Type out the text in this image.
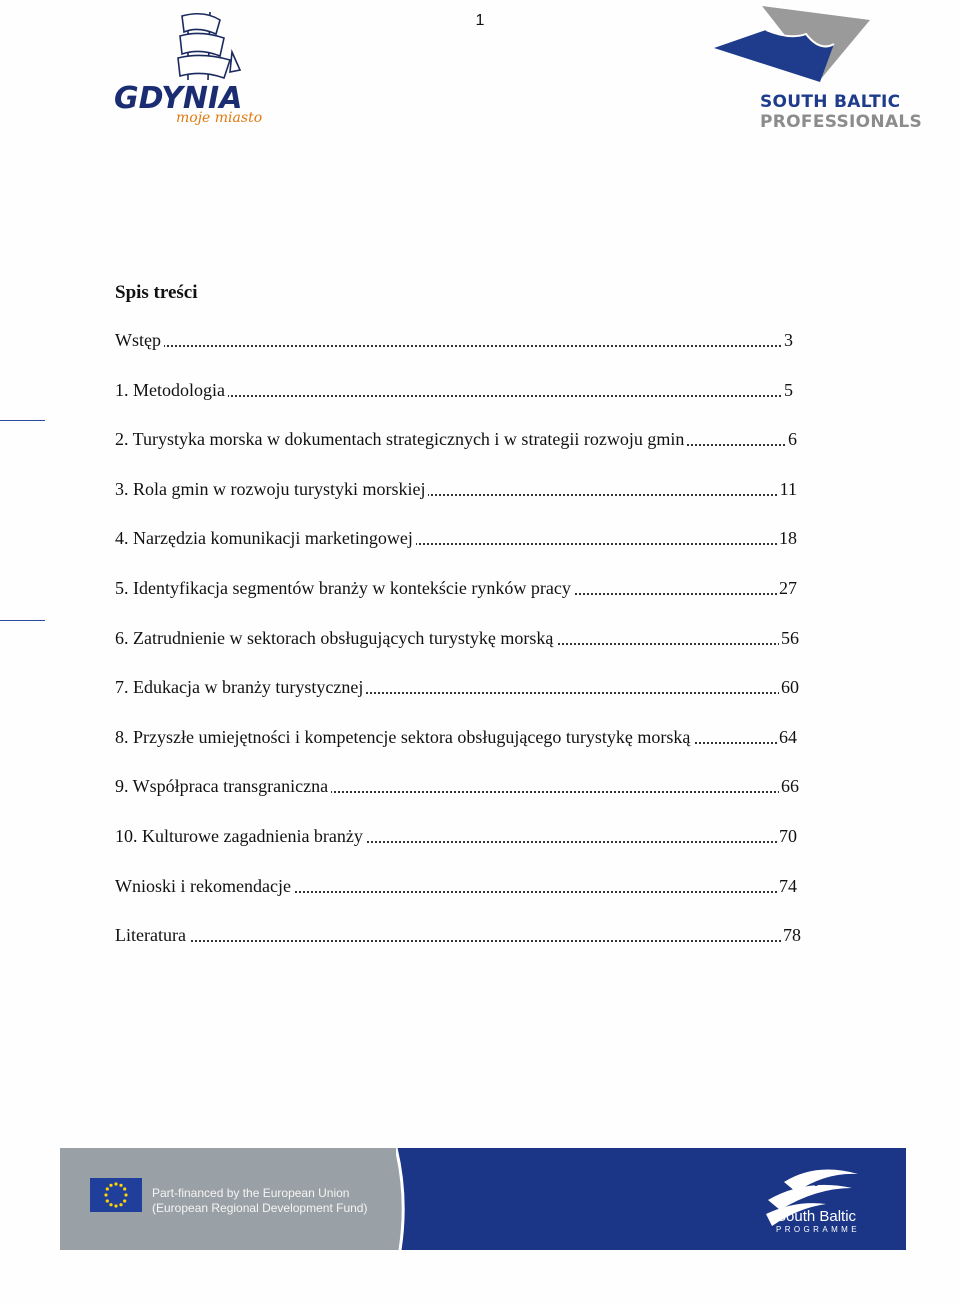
1
GDYNIA
moje miasto
SOUTH BALTIC
PROFESSIONALS
Spis treści
Wstęp	3
1. Metodologia	5
2. Turystyka morska w dokumentach strategicznych i w strategii rozwoju gmin	6
3. Rola gmin w rozwoju turystyki morskiej	11
4. Narzędzia komunikacji marketingowej	18
5. Identyfikacja segmentów branży w kontekście rynków pracy	27
6. Zatrudnienie w sektorach obsługujących turystykę morską	56
7. Edukacja w branży turystycznej	60
8. Przyszłe umiejętności i kompetencje sektora obsługującego turystykę morską	64
9. Współpraca transgraniczna	66
10. Kulturowe zagadnienia branży	70
Wnioski i rekomendacje	74
Literatura	78
Part-financed by the European Union
(European Regional Development Fund)	South Baltic
PROGRAMME
